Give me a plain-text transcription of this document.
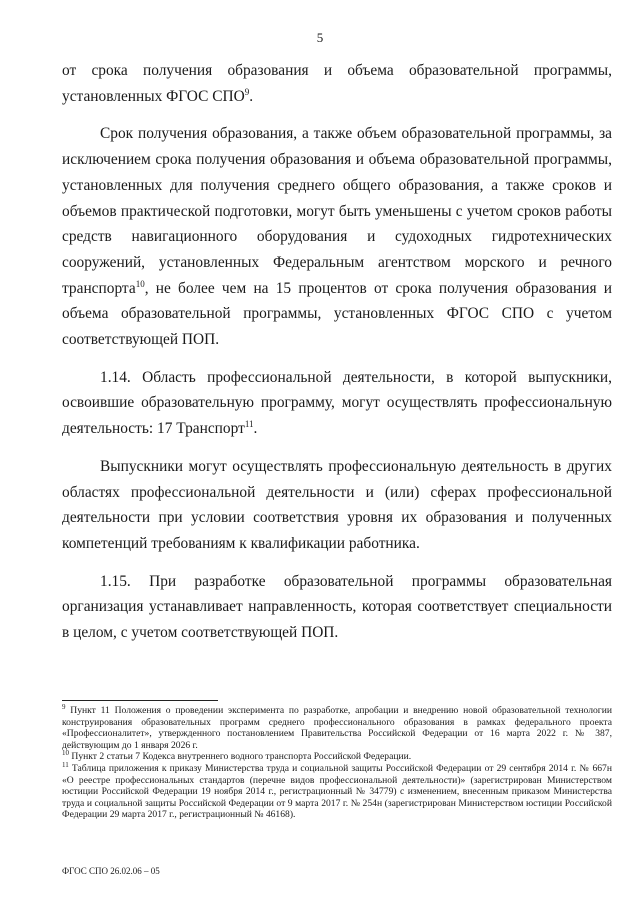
5

от срока получения образования и объема образовательной программы, установленных ФГОС СПО$^9$.

Срок получения образования, а также объем образовательной программы, за исключением срока получения образования и объема образовательной программы, установленных для получения среднего общего образования, а также сроков и объемов практической подготовки, могут быть уменьшены с учетом сроков работы средств навигационного оборудования и судоходных гидротехнических сооружений, установленных Федеральным агентством морского и речного транспорта$^{10}$, не более чем на 15 процентов от срока получения образования и объема образовательной программы, установленных ФГОС СПО с учетом соответствующей ПОП.

1.14. Область профессиональной деятельности, в которой выпускники, освоившие образовательную программу, могут осуществлять профессиональную деятельность: 17 Транспорт$^{11}$.

Выпускники могут осуществлять профессиональную деятельность в других областях профессиональной деятельности и (или) сферах профессиональной деятельности при условии соответствия уровня их образования и полученных компетенций требованиям к квалификации работника.

1.15. При разработке образовательной программы образовательная организация устанавливает направленность, которая соответствует специальности в целом, с учетом соответствующей ПОП.

$^9$ Пункт 11 Положения о проведении эксперимента по разработке, апробации и внедрению новой образовательной технологии конструирования образовательных программ среднего профессионального образования в рамках федерального проекта «Профессионалитет», утвержденного постановлением Правительства Российской Федерации от 16 марта 2022 г. № 387, действующим до 1 января 2026 г.

$^{10}$ Пункт 2 статьи 7 Кодекса внутреннего водного транспорта Российской Федерации.

$^{11}$ Таблица приложения к приказу Министерства труда и социальной защиты Российской Федерации от 29 сентября 2014 г. № 667н «О реестре профессиональных стандартов (перечне видов профессиональной деятельности)» (зарегистрирован Министерством юстиции Российской Федерации 19 ноября 2014 г., регистрационный № 34779) с изменением, внесенным приказом Министерства труда и социальной защиты Российской Федерации от 9 марта 2017 г. № 254н (зарегистрирован Министерством юстиции Российской Федерации 29 марта 2017 г., регистрационный № 46168).

ФГОС СПО 26.02.06 – 05
